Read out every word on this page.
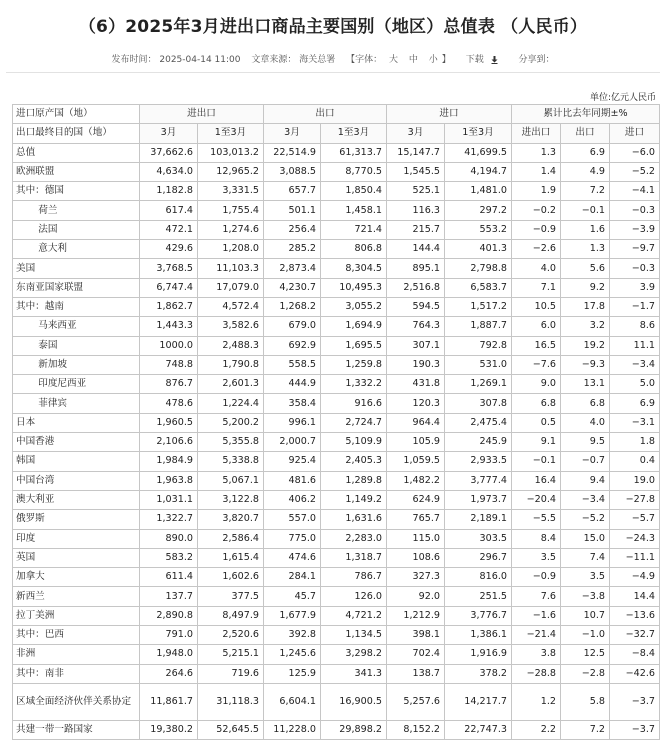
（6）2025年3月进出口商品主要国别（地区）总值表 （人民币）
发布时间： 2025-04-14 11:00 文章来源： 海关总署 【字体： 大 中 小 】 下载	分享到：
单位:亿元人民币
进口原产国（地）	进出口		出口		进口		累计比去年同期±%		
出口最终目的国（地）	3月	1至3月	3月	1至3月	3月	1至3月	进出口	出口	进口
总值	37,662.6	103,013.2	22,514.9	61,313.7	15,147.7	41,699.5	1.3	6.9	−6.0
欧洲联盟	4,634.0	12,965.2	3,088.5	8,770.5	1,545.5	4,194.7	1.4	4.9	−5.2
其中：德国	1,182.8	3,331.5	657.7	1,850.4	525.1	1,481.0	1.9	7.2	−4.1
　　 荷兰	617.4	1,755.4	501.1	1,458.1	116.3	297.2	−0.2	−0.1	−0.3
　　 法国	472.1	1,274.6	256.4	721.4	215.7	553.2	−0.9	1.6	−3.9
　　 意大利	429.6	1,208.0	285.2	806.8	144.4	401.3	−2.6	1.3	−9.7
美国	3,768.5	11,103.3	2,873.4	8,304.5	895.1	2,798.8	4.0	5.6	−0.3
东南亚国家联盟	6,747.4	17,079.0	4,230.7	10,495.3	2,516.8	6,583.7	7.1	9.2	3.9
其中：越南	1,862.7	4,572.4	1,268.2	3,055.2	594.5	1,517.2	10.5	17.8	−1.7
　　 马来西亚	1,443.3	3,582.6	679.0	1,694.9	764.3	1,887.7	6.0	3.2	8.6
　　 泰国	1000.0	2,488.3	692.9	1,695.5	307.1	792.8	16.5	19.2	11.1
　　 新加坡	748.8	1,790.8	558.5	1,259.8	190.3	531.0	−7.6	−9.3	−3.4
　　 印度尼西亚	876.7	2,601.3	444.9	1,332.2	431.8	1,269.1	9.0	13.1	5.0
　　 菲律宾	478.6	1,224.4	358.4	916.6	120.3	307.8	6.8	6.8	6.9
日本	1,960.5	5,200.2	996.1	2,724.7	964.4	2,475.4	0.5	4.0	−3.1
中国香港	2,106.6	5,355.8	2,000.7	5,109.9	105.9	245.9	9.1	9.5	1.8
韩国	1,984.9	5,338.8	925.4	2,405.3	1,059.5	2,933.5	−0.1	−0.7	0.4
中国台湾	1,963.8	5,067.1	481.6	1,289.8	1,482.2	3,777.4	16.4	9.4	19.0
澳大利亚	1,031.1	3,122.8	406.2	1,149.2	624.9	1,973.7	−20.4	−3.4	−27.8
俄罗斯	1,322.7	3,820.7	557.0	1,631.6	765.7	2,189.1	−5.5	−5.2	−5.7
印度	890.0	2,586.4	775.0	2,283.0	115.0	303.5	8.4	15.0	−24.3
英国	583.2	1,615.4	474.6	1,318.7	108.6	296.7	3.5	7.4	−11.1
加拿大	611.4	1,602.6	284.1	786.7	327.3	816.0	−0.9	3.5	−4.9
新西兰	137.7	377.5	45.7	126.0	92.0	251.5	7.6	−3.8	14.4
拉丁美洲	2,890.8	8,497.9	1,677.9	4,721.2	1,212.9	3,776.7	−1.6	10.7	−13.6
其中：巴西	791.0	2,520.6	392.8	1,134.5	398.1	1,386.1	−21.4	−1.0	−32.7
非洲	1,948.0	5,215.1	1,245.6	3,298.2	702.4	1,916.9	3.8	12.5	−8.4
其中：南非	264.6	719.6	125.9	341.3	138.7	378.2	−28.8	−2.8	−42.6
区域全面经济伙伴关系协定	11,861.7	31,118.3	6,604.1	16,900.5	5,257.6	14,217.7	1.2	5.8	−3.7
共建一带一路国家	19,380.2	52,645.5	11,228.0	29,898.2	8,152.2	22,747.3	2.2	7.2	−3.7
